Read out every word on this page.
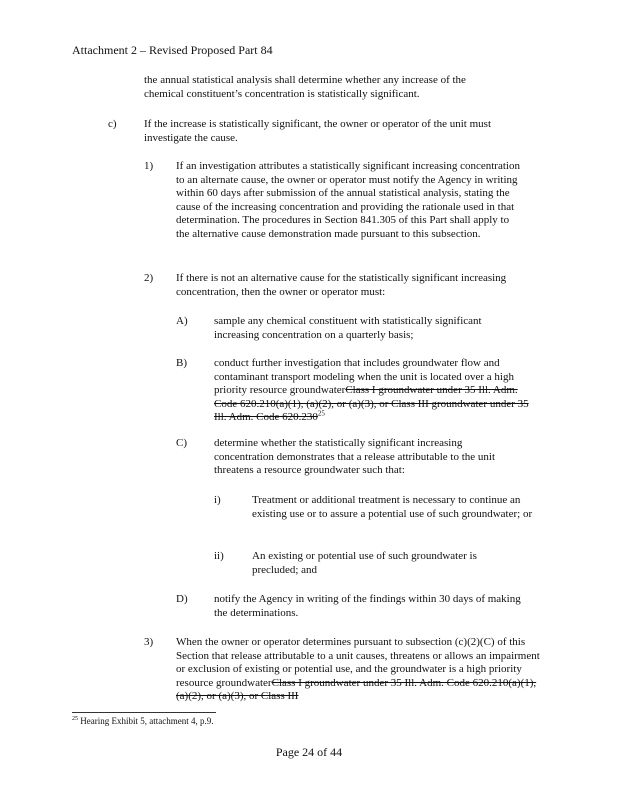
Attachment 2 – Revised Proposed Part 84

the annual statistical analysis shall determine whether any increase of the chemical constituent’s concentration is statistically significant.

c) If the increase is statistically significant, the owner or operator of the unit must investigate the cause.

1) If an investigation attributes a statistically significant increasing concentration to an alternate cause, the owner or operator must notify the Agency in writing within 60 days after submission of the annual statistical analysis, stating the cause of the increasing concentration and providing the rationale used in that determination. The procedures in Section 841.305 of this Part shall apply to the alternative cause demonstration made pursuant to this subsection.

2) If there is not an alternative cause for the statistically significant increasing concentration, then the owner or operator must:

A) sample any chemical constituent with statistically significant increasing concentration on a quarterly basis;

B) conduct further investigation that includes groundwater flow and contaminant transport modeling when the unit is located over a high priority resource groundwaterClass I groundwater under 35 Ill. Adm. Code 620.210(a)(1), (a)(2), or (a)(3), or Class III groundwater under 35 Ill. Adm. Code 620.230$^{25}$

C) determine whether the statistically significant increasing concentration demonstrates that a release attributable to the unit threatens a resource groundwater such that:

i)	Treatment or additional treatment is necessary to continue an existing use or to assure a potential use of such groundwater; or

ii)	An existing or potential use of such groundwater is precluded; and

D) notify the Agency in writing of the findings within 30 days of making the determinations.

3) When the owner or operator determines pursuant to subsection (c)(2)(C) of this Section that release attributable to a unit causes, threatens or allows an impairment or exclusion of existing or potential use, and the groundwater is a high priority resource groundwaterClass I groundwater under 35 Ill. Adm. Code 620.210(a)(1), (a)(2), or (a)(3), or Class III

$^{25}$ Hearing Exhibit 5, attachment 4, p.9.
Page 24 of 44
